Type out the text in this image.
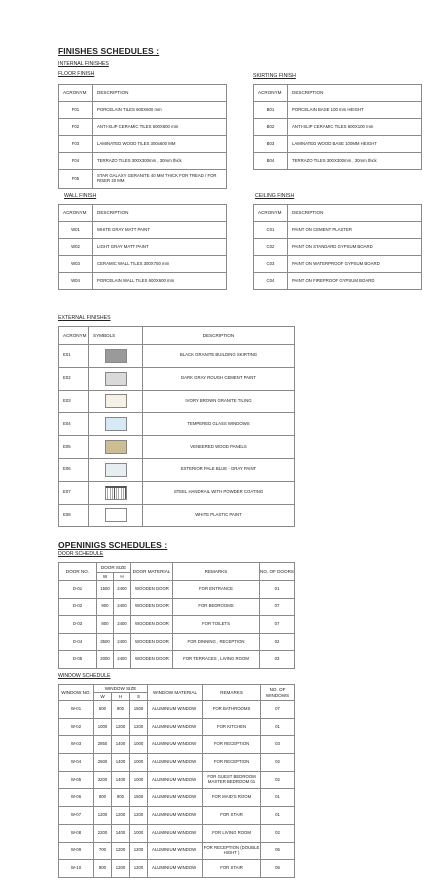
FINISHES SCHEDULES :
INTERNAL FINISHES
FLOOR FINISH	SKIRTING FINISH
ACRONYM	DESCRIPTION
F01	PORCELAIN TILES 600X600 mm
F02	ANTI-SLIP CERAMIC TILES 600X600 mm
F03	LAMINATED WOOD TILES 300x600 MM
F04	TERRAZO TILES 300X300mm , 30mm thick
F05	STAR GALAXY GERANITE 40 MM THICK FOR TREAD / FOR RISER 20 MM
ACRONYM	DESCRIPTION
B01	PORCELAIN BASE 100 mm HEIGHT
B02	ANTI-SLIP CERAMIC TILES 600X100 mm
B03	LAMINATED WOOD BASE 100MM HEIGHT
B04	TERRAZO TILES 300X300mm , 30mm thick
WALL FINISH	CEILING FINISH
ACRONYM	DESCRIPTION
W01	WHITE GRAY MATT PAINT
W02	LIGHT GRAY MATT PAINT
W03	CERAMIC WALL TILES 300X750 mm
W04	PORCELAIN WALL TILES 600X600 mm
ACRONYM	DESCRIPTION
C01	PAINT ON CEMENT PLASTER
C02	PAINT ON STANDARD GYPSUM BOARD
C03	PAINT ON WATERPROOF GYPSUM BOARD
C04	PAINT ON FIREPROOF GYPSUM BOARD
EXTERNAL FINISHES
ACRONYM	SYMBOLS	DESCRIPTION
E01		BLACK GRANITE BUILDING SKIRTING
E02		DARK GRAY ROUGH CEMENT PAINT
E03		IVORY BROWN GRANITE TILING
E04		TEMPERED GLASS WINDOWS
E05		VENEERED WOOD PANELS
E06		EXTERIOR PALE BLUE - GRAY PAINT
E07		STEEL HANDRAIL WITH POWDER COATING
E08		WHITE PLASTIC PAINT
OPENINIGS SCHEDULES :
DOOR SCHEDULE
DOOR NO.	DOOR SIZE		DOOR MATERIAL	REMARKS	NO. OF DOORS
	W	H			
D-01	1500	2400	WOODEN DOOR	FOR ENTRANCE	01
D-02	900	2400	WOODEN DOOR	FOR BEDROOMS	07
D-03	800	2400	WOODEN DOOR	FOR TOILETS	07
D-04	3500	2400	WOODEN DOOR	FOR DINNING , RECEPTION	02
D-05	2000	2400	WOODEN DOOR	FOR TERRACES , LIVING ROOM	03
WINDOW SCHEDULE
WINDOW NO.	WINDOW SIZE			WINDOW MATERIAL	REMARKS	NO. OF WINDOWS
	W	H	S			
W-01	600	900	1500	ALUMINIUM WINDOW	FOR BATHROOMS	07
W-02	1000	1200	1200	ALUMINIUM WINDOW	FOR KITCHEN	01
W-03	2850	1400	1000	ALUMINIUM WINDOW	FOR RECEPTION	03
W-04	2500	1400	1000	ALUMINIUM WINDOW	FOR RECEPTION	02
W-05	3200	1400	1000	ALUMINIUM WINDOW	FOR GUEST BEDROOM MASTER BEDROOM 01	02
W-06	800	900	1500	ALUMINIUM WINDOW	FOR MAID'S ROOM	01
W-07	1200	1200	1200	ALUMINIUM WINDOW	FOR STAIR	01
W-08	2200	1400	1000	ALUMINIUM WINDOW	FOR LIVING ROOM	02
W-09	700	1200	1200	ALUMINIUM WINDOW	FOR RECEPTION (DOUBLE HIGHT )	05
W-10	900	1200	1200	ALUMINIUM WINDOW	FOR STAIR	05
